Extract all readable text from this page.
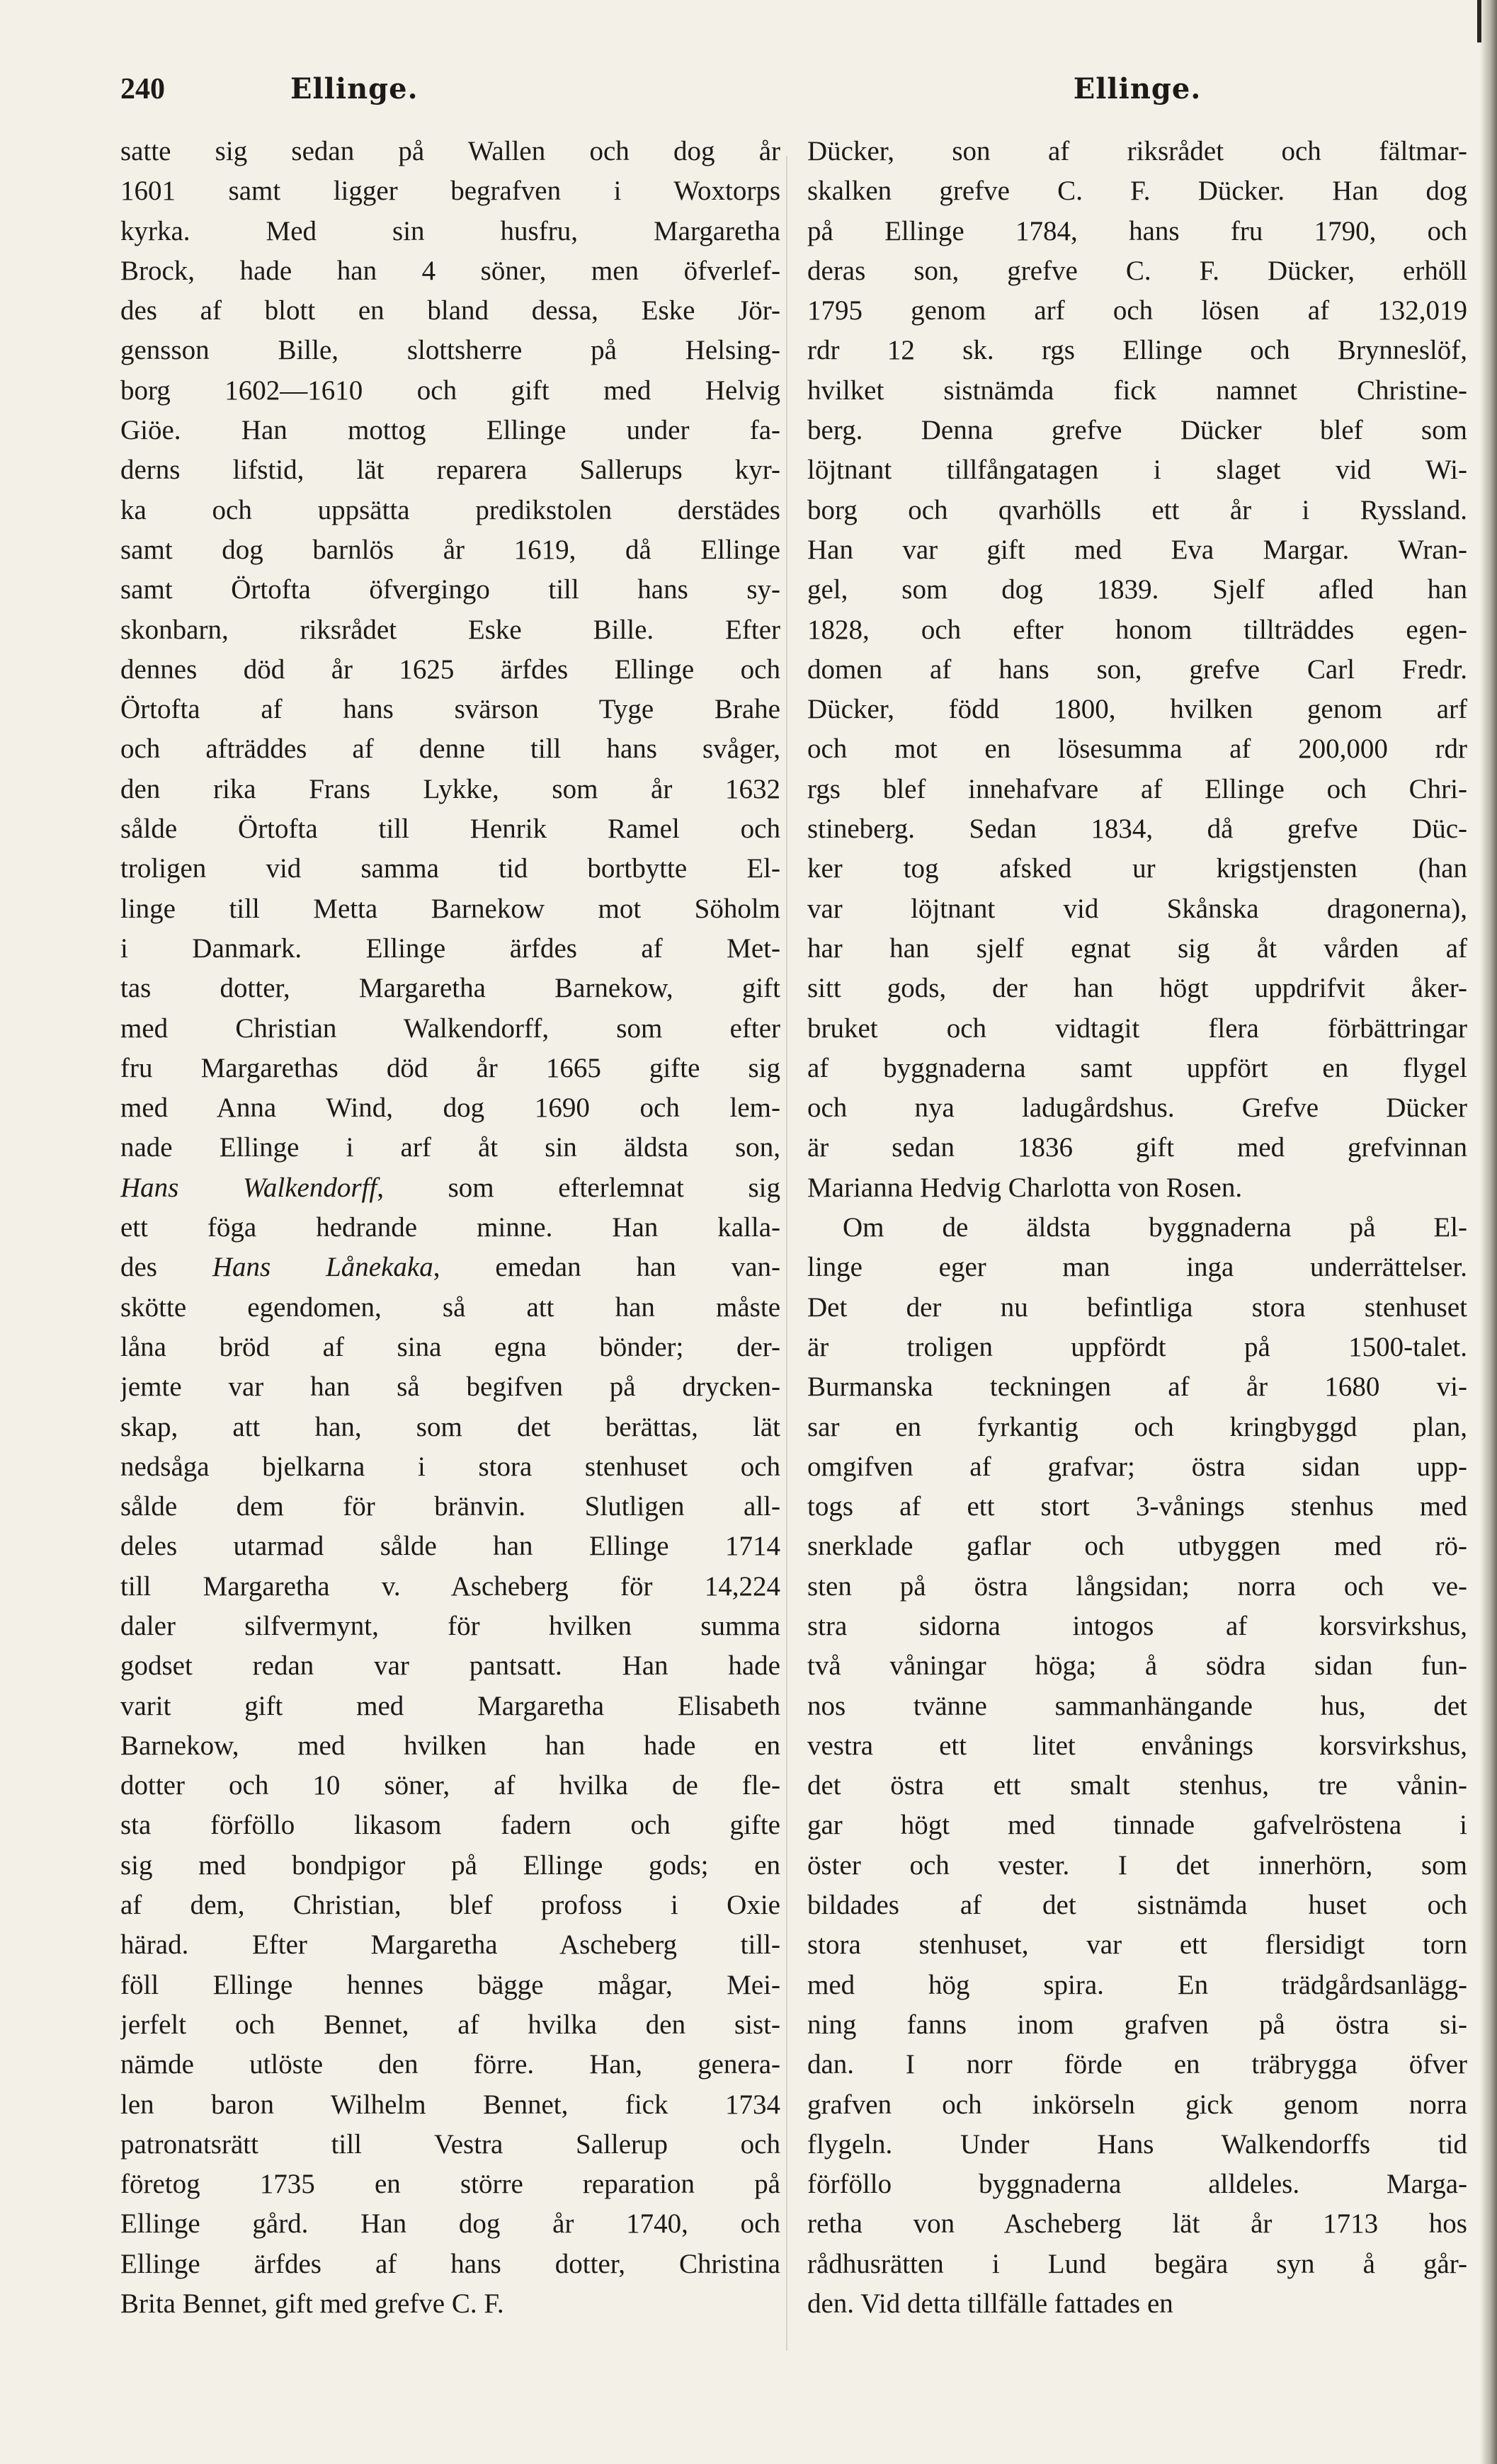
240	Ellinge.	Ellinge.
satte sig sedan på Wallen och dog år
1601 samt ligger begrafven i Woxtorps
kyrka. Med sin husfru, Margaretha
Brock, hade han 4 söner, men öfverlef-
des af blott en bland dessa, Eske Jör-
gensson Bille, slottsherre på Helsing-
borg 1602—1610 och gift med Helvig
Giöe. Han mottog Ellinge under fa-
derns lifstid, lät reparera Sallerups kyr-
ka och uppsätta predikstolen derstädes
samt dog barnlös år 1619, då Ellinge
samt Örtofta öfvergingo till hans sy-
skonbarn, riksrådet Eske Bille. Efter
dennes död år 1625 ärfdes Ellinge och
Örtofta af hans svärson Tyge Brahe
och afträddes af denne till hans svåger,
den rika Frans Lykke, som år 1632
sålde Örtofta till Henrik Ramel och
troligen vid samma tid bortbytte El-
linge till Metta Barnekow mot Söholm
i Danmark. Ellinge ärfdes af Met-
tas dotter, Margaretha Barnekow, gift
med Christian Walkendorff, som efter
fru Margarethas död år 1665 gifte sig
med Anna Wind, dog 1690 och lem-
nade Ellinge i arf åt sin äldsta son,
Hans Walkendorff, som efterlemnat sig
ett föga hedrande minne. Han kalla-
des Hans Lånekaka, emedan han van-
skötte egendomen, så att han måste
låna bröd af sina egna bönder; der-
jemte var han så begifven på drycken-
skap, att han, som det berättas, lät
nedsåga bjelkarna i stora stenhuset och
sålde dem för bränvin. Slutligen all-
deles utarmad sålde han Ellinge 1714
till Margaretha v. Ascheberg för 14,224
daler silfvermynt, för hvilken summa
godset redan var pantsatt. Han hade
varit gift med Margaretha Elisabeth
Barnekow, med hvilken han hade en
dotter och 10 söner, af hvilka de fle-
sta förföllo likasom fadern och gifte
sig med bondpigor på Ellinge gods; en
af dem, Christian, blef profoss i Oxie
härad. Efter Margaretha Ascheberg till-
föll Ellinge hennes bägge mågar, Mei-
jerfelt och Bennet, af hvilka den sist-
nämde utlöste den förre. Han, genera-
len baron Wilhelm Bennet, fick 1734
patronatsrätt till Vestra Sallerup och
företog 1735 en större reparation på
Ellinge gård. Han dog år 1740, och
Ellinge ärfdes af hans dotter, Christina
Brita Bennet, gift med grefve C. F.
Dücker, son af riksrådet och fältmar-
skalken grefve C. F. Dücker. Han dog
på Ellinge 1784, hans fru 1790, och
deras son, grefve C. F. Dücker, erhöll
1795 genom arf och lösen af 132,019
rdr 12 sk. rgs Ellinge och Brynneslöf,
hvilket sistnämda fick namnet Christine-
berg. Denna grefve Dücker blef som
löjtnant tillfångatagen i slaget vid Wi-
borg och qvarhölls ett år i Ryssland.
Han var gift med Eva Margar. Wran-
gel, som dog 1839. Sjelf afled han
1828, och efter honom tillträddes egen-
domen af hans son, grefve Carl Fredr.
Dücker, född 1800, hvilken genom arf
och mot en lösesumma af 200,000 rdr
rgs blef innehafvare af Ellinge och Chri-
stineberg. Sedan 1834, då grefve Düc-
ker tog afsked ur krigstjensten (han
var löjtnant vid Skånska dragonerna),
har han sjelf egnat sig åt vården af
sitt gods, der han högt uppdrifvit åker-
bruket och vidtagit flera förbättringar
af byggnaderna samt uppfört en flygel
och nya ladugårdshus. Grefve Dücker
är sedan 1836 gift med grefvinnan
Marianna Hedvig Charlotta von Rosen.
Om de äldsta byggnaderna på El-
linge eger man inga underrättelser.
Det der nu befintliga stora stenhuset
är troligen uppfördt på 1500-talet.
Burmanska teckningen af år 1680 vi-
sar en fyrkantig och kringbyggd plan,
omgifven af grafvar; östra sidan upp-
togs af ett stort 3-vånings stenhus med
snerklade gaflar och utbyggen med rö-
sten på östra långsidan; norra och ve-
stra sidorna intogos af korsvirkshus,
två våningar höga; å södra sidan fun-
nos tvänne sammanhängande hus, det
vestra ett litet envånings korsvirkshus,
det östra ett smalt stenhus, tre vånin-
gar högt med tinnade gafvelröstena i
öster och vester. I det innerhörn, som
bildades af det sistnämda huset och
stora stenhuset, var ett flersidigt torn
med hög spira. En trädgårdsanlägg-
ning fanns inom grafven på östra si-
dan. I norr förde en träbrygga öfver
grafven och inkörseln gick genom norra
flygeln. Under Hans Walkendorffs tid
förföllo byggnaderna alldeles. Marga-
retha von Ascheberg lät år 1713 hos
rådhusrätten i Lund begära syn å går-
den. Vid detta tillfälle fattades en
